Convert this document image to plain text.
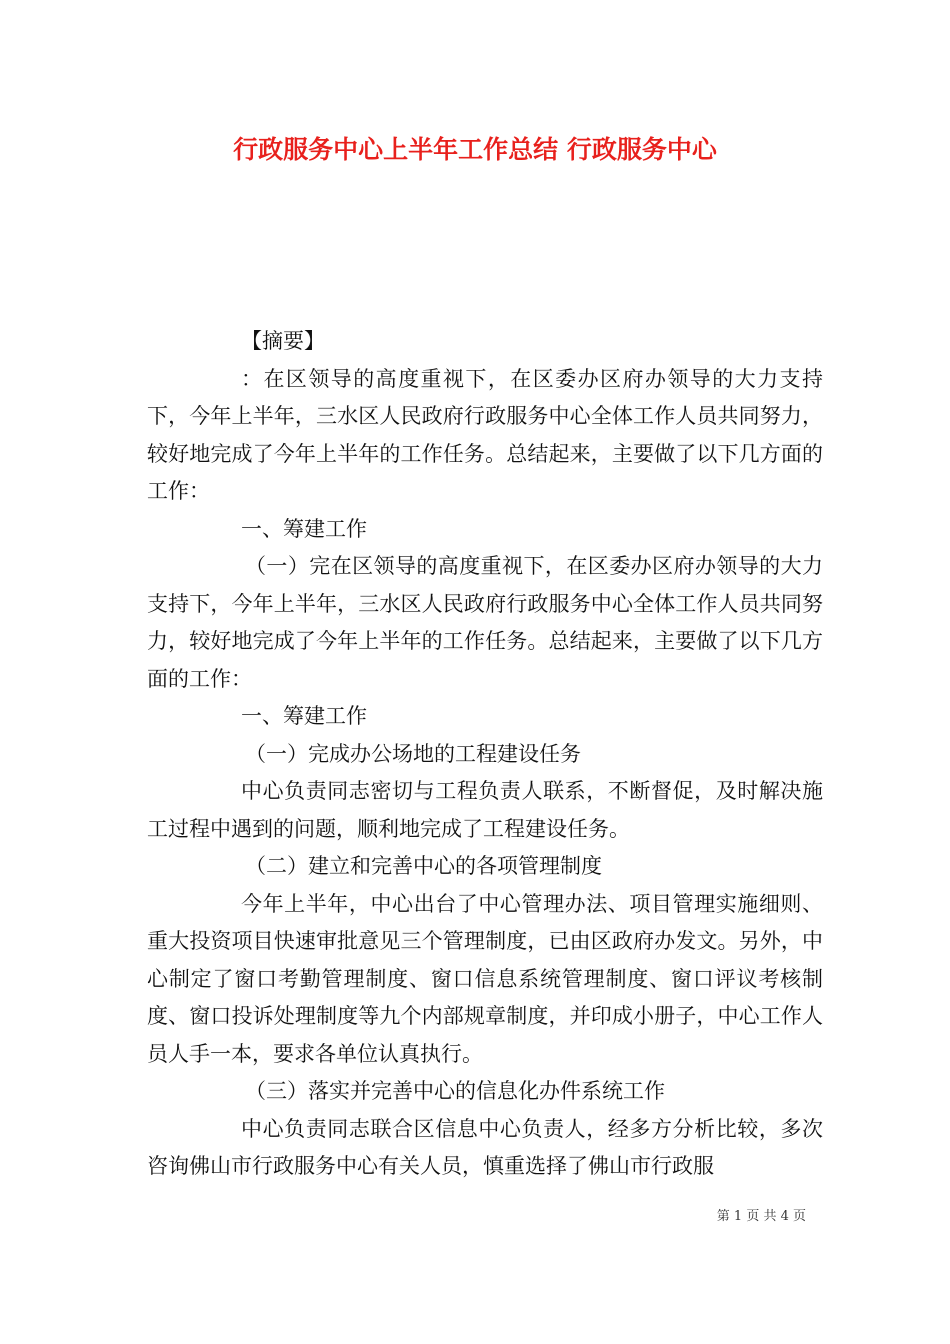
行政服务中心上半年工作总结 行政服务中心

【摘要】

：在区领导的高度重视下，在区委办区府办领导的大力支持下，今年上半年，三水区人民政府行政服务中心全体工作人员共同努力，较好地完成了今年上半年的工作任务。总结起来，主要做了以下几方面的工作：

一、筹建工作

（一）完在区领导的高度重视下，在区委办区府办领导的大力支持下，今年上半年，三水区人民政府行政服务中心全体工作人员共同努力，较好地完成了今年上半年的工作任务。总结起来，主要做了以下几方面的工作：

一、筹建工作

（一）完成办公场地的工程建设任务

中心负责同志密切与工程负责人联系，不断督促，及时解决施工过程中遇到的问题，顺利地完成了工程建设任务。

（二）建立和完善中心的各项管理制度

今年上半年，中心出台了中心管理办法、项目管理实施细则、重大投资项目快速审批意见三个管理制度，已由区政府办发文。另外，中心制定了窗口考勤管理制度、窗口信息系统管理制度、窗口评议考核制度、窗口投诉处理制度等九个内部规章制度，并印成小册子，中心工作人员人手一本，要求各单位认真执行。

（三）落实并完善中心的信息化办件系统工作

中心负责同志联合区信息中心负责人，经多方分析比较，多次咨询佛山市行政服务中心有关人员，慎重选择了佛山市行政服

第 1 页 共 4 页
